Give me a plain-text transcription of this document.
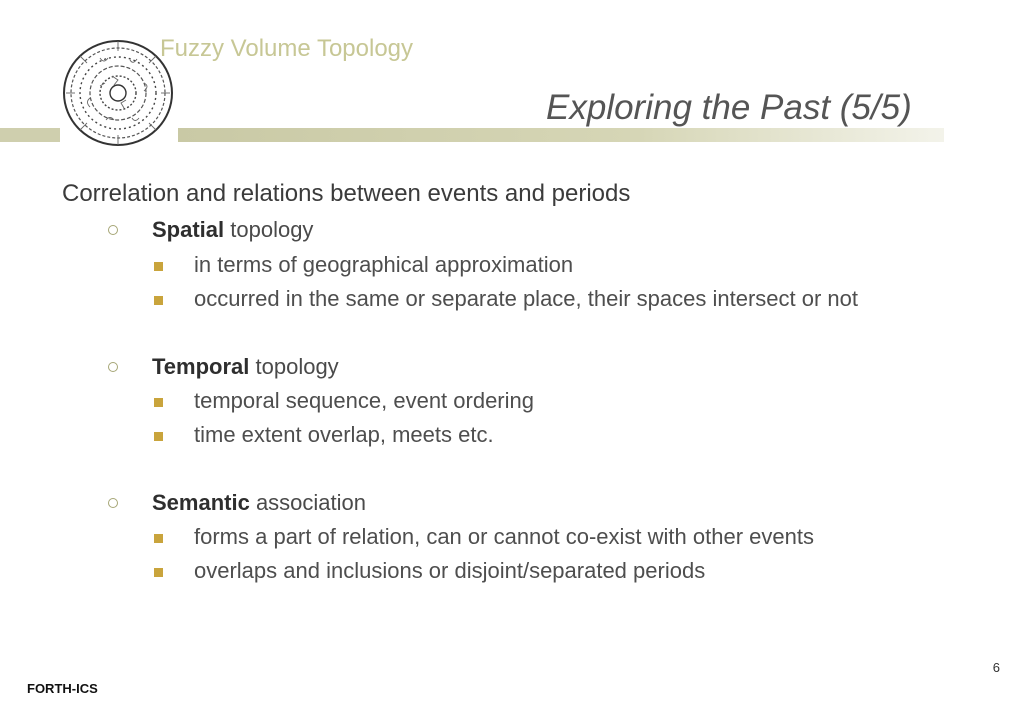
Fuzzy Volume Topology
Exploring the Past (5/5)
Correlation and relations between events and periods
Spatial topology
in terms of geographical approximation
occurred in the same or separate place, their spaces intersect or not
Temporal topology
temporal sequence, event ordering
time extent overlap, meets etc.
Semantic association
forms a part of relation, can or cannot co-exist with other events
overlaps and inclusions or disjoint/separated periods
6
FORTH-ICS
